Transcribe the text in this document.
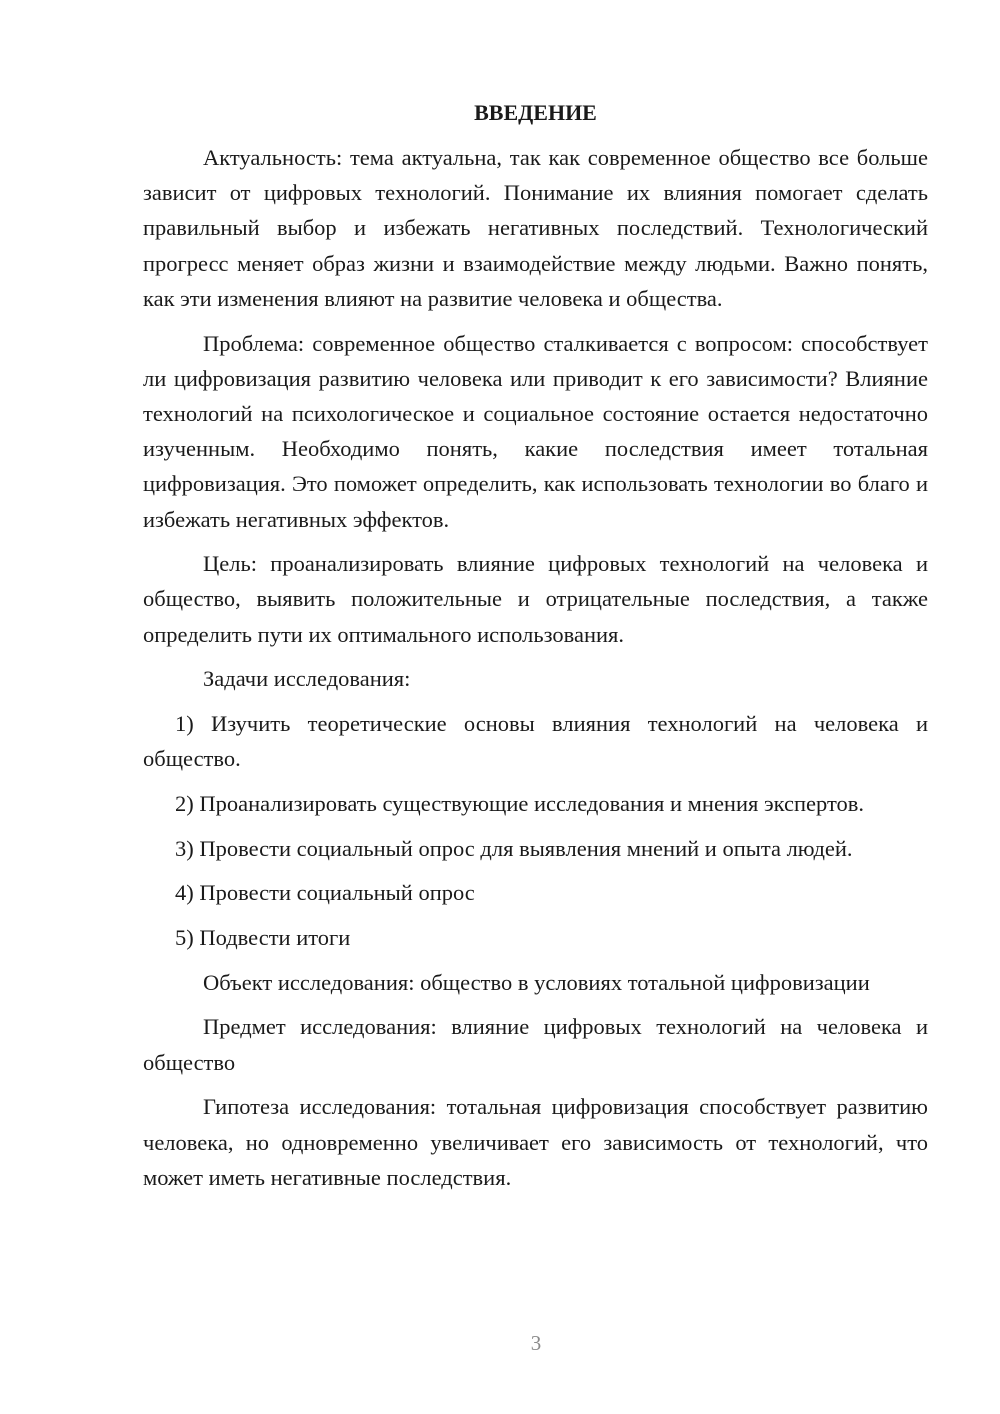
ВВЕДЕНИЕ

Актуальность: тема актуальна, так как современное общество все больше зависит от цифровых технологий. Понимание их влияния помогает сделать правильный выбор и избежать негативных последствий. Технологический прогресс меняет образ жизни и взаимодействие между людьми. Важно понять, как эти изменения влияют на развитие человека и общества.

Проблема: современное общество сталкивается с вопросом: способствует ли цифровизация развитию человека или приводит к его зависимости? Влияние технологий на психологическое и социальное состояние остается недостаточно изученным. Необходимо понять, какие последствия имеет тотальная цифровизация. Это поможет определить, как использовать технологии во благо и избежать негативных эффектов.

Цель: проанализировать влияние цифровых технологий на человека и общество, выявить положительные и отрицательные последствия, а также определить пути их оптимального использования.

Задачи исследования:

1) Изучить теоретические основы влияния технологий на человека и общество.

2) Проанализировать существующие исследования и мнения экспертов.

3) Провести социальный опрос для выявления мнений и опыта людей.

4) Провести социальный опрос

5) Подвести итоги

Объект исследования: общество в условиях тотальной цифровизации

Предмет исследования: влияние цифровых технологий на человека и общество

Гипотеза исследования: тотальная цифровизация способствует развитию человека, но одновременно увеличивает его зависимость от технологий, что может иметь негативные последствия.

3
